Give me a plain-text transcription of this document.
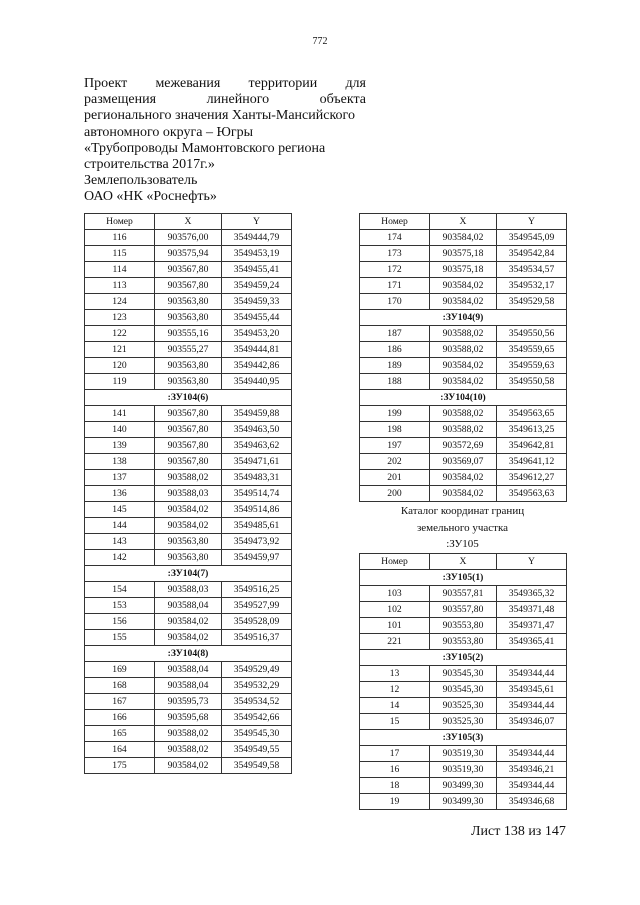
772
Проект межевания территории для
размещения	линейного	объекта
регионального значения Ханты-Мансийского
автономного округа – Югры
«Трубопроводы Мамонтовского региона
строительства 2017г.»
Землепользователь
ОАО «НК «Роснефть»
Номер	X	Y
116	903576,00	3549444,79
115	903575,94	3549453,19
114	903567,80	3549455,41
113	903567,80	3549459,24
124	903563,80	3549459,33
123	903563,80	3549455,44
122	903555,16	3549453,20
121	903555,27	3549444,81
120	903563,80	3549442,86
119	903563,80	3549440,95
:ЗУ104(6)		
141	903567,80	3549459,88
140	903567,80	3549463,50
139	903567,80	3549463,62
138	903567,80	3549471,61
137	903588,02	3549483,31
136	903588,03	3549514,74
145	903584,02	3549514,86
144	903584,02	3549485,61
143	903563,80	3549473,92
142	903563,80	3549459,97
:ЗУ104(7)		
154	903588,03	3549516,25
153	903588,04	3549527,99
156	903584,02	3549528,09
155	903584,02	3549516,37
:ЗУ104(8)		
169	903588,04	3549529,49
168	903588,04	3549532,29
167	903595,73	3549534,52
166	903595,68	3549542,66
165	903588,02	3549545,30
164	903588,02	3549549,55
175	903584,02	3549549,58
Номер	X	Y
174	903584,02	3549545,09
173	903575,18	3549542,84
172	903575,18	3549534,57
171	903584,02	3549532,17
170	903584,02	3549529,58
:ЗУ104(9)		
187	903588,02	3549550,56
186	903588,02	3549559,65
189	903584,02	3549559,63
188	903584,02	3549550,58
:ЗУ104(10)		
199	903588,02	3549563,65
198	903588,02	3549613,25
197	903572,69	3549642,81
202	903569,07	3549641,12
201	903584,02	3549612,27
200	903584,02	3549563,63
Каталог координат границ
земельного участка
:ЗУ105
Номер	X	Y
:ЗУ105(1)		
103	903557,81	3549365,32
102	903557,80	3549371,48
101	903553,80	3549371,47
221	903553,80	3549365,41
:ЗУ105(2)		
13	903545,30	3549344,44
12	903545,30	3549345,61
14	903525,30	3549344,44
15	903525,30	3549346,07
:ЗУ105(3)		
17	903519,30	3549344,44
16	903519,30	3549346,21
18	903499,30	3549344,44
19	903499,30	3549346,68
Лист 138 из 147
